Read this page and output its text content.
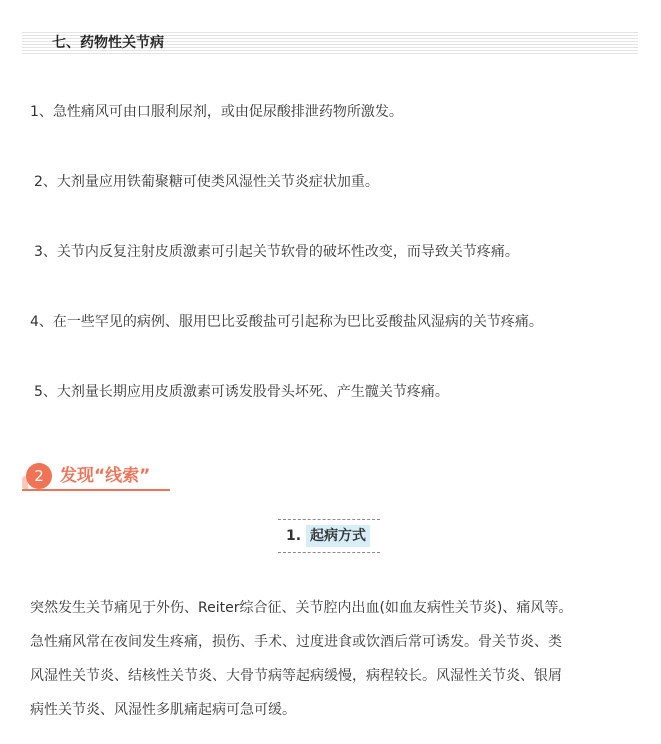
七、药物性关节病
1、急性痛风可由口服利尿剂，或由促尿酸排泄药物所激发。
2、大剂量应用铁葡聚糖可使类风湿性关节炎症状加重。
3、关节内反复注射皮质激素可引起关节软骨的破坏性改变，而导致关节疼痛。
4、在一些罕见的病例、服用巴比妥酸盐可引起称为巴比妥酸盐风湿病的关节疼痛。
5、大剂量长期应用皮质激素可诱发股骨头坏死、产生髋关节疼痛。
2 发现“线索”
1. 起病方式
突然发生关节痛见于外伤、Reiter综合征、关节腔内出血(如血友病性关节炎)、痛风等。
急性痛风常在夜间发生疼痛，损伤、手术、过度进食或饮酒后常可诱发。骨关节炎、类
风湿性关节炎、结核性关节炎、大骨节病等起病缓慢，病程较长。风湿性关节炎、银屑
病性关节炎、风湿性多肌痛起病可急可缓。
